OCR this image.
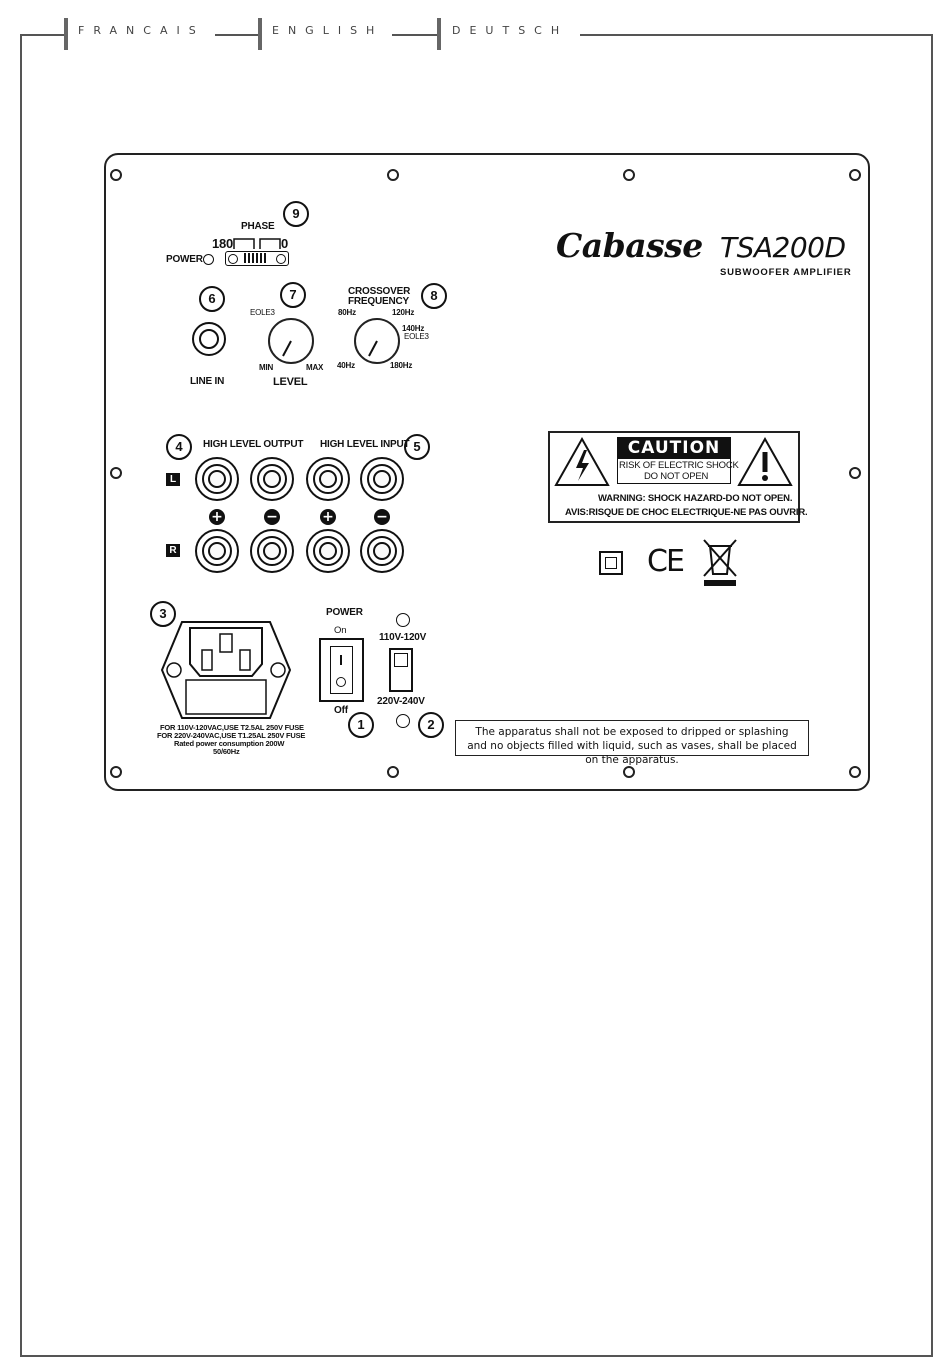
FRANCAIS	ENGLISH	DEUTSCH
Cabasse TSA200D
SUBWOOFER AMPLIFIER
9
PHASE
180	0
POWER
6
LINE IN
7
EOLE3
MIN	MAX
LEVEL
8
CROSSOVER
FREQUENCY
80Hz	120Hz
140Hz
EOLE3
40Hz	180Hz
4	HIGH LEVEL OUTPUT HIGH LEVEL INPUT 5
L
R
+	−	+	−
CAUTION
RISK OF ELECTRIC SHOCK
DO NOT OPEN
WARNING: SHOCK HAZARD-DO NOT OPEN.
AVIS:RISQUE DE CHOC ELECTRIQUE-NE PAS OUVRIR.
CE
3
FOR 110V-120VAC,USE T2.5AL 250V FUSE
FOR 220V-240VAC,USE T1.25AL 250V FUSE
Rated power consumption 200W
50/60Hz
POWER
On
Off
1
110V-120V
220V-240V
2	The apparatus shall not be exposed to dripped or splashing and no objects filled with liquid, such as vases, shall be placed on the apparatus.
